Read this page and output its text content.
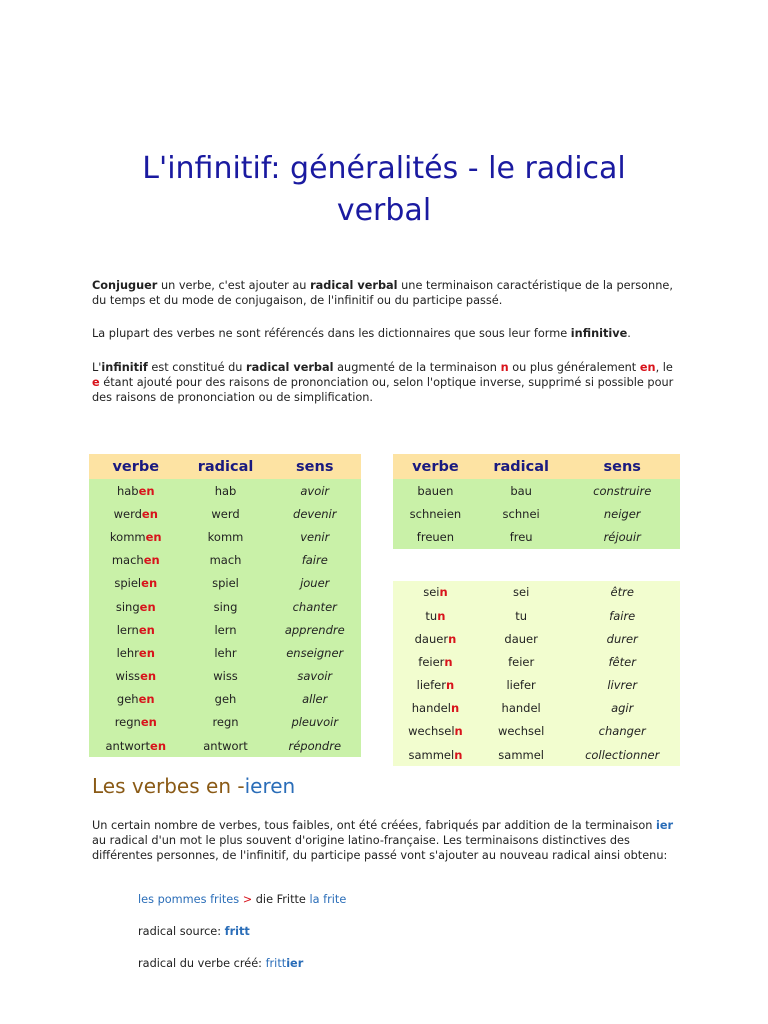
L'infinitif: généralités - le radical verbal

Conjuguer un verbe, c'est ajouter au radical verbal une terminaison caractéristique de la personne, du temps et du mode de conjugaison, de l'infinitif ou du participe passé.

La plupart des verbes ne sont référencés dans les dictionnaires que sous leur forme infinitive.

L'infinitif est constitué du radical verbal augmenté de la terminaison n ou plus généralement en, le e étant ajouté pour des raisons de prononciation ou, selon l'optique inverse, supprimé si possible pour des raisons de prononciation ou de simplification.

verbe	radical	sens
haben	hab	avoir
werden	werd	devenir
kommen	komm	venir
machen	mach	faire
spielen	spiel	jouer
singen	sing	chanter
lernen	lern	apprendre
lehren	lehr	enseigner
wissen	wiss	savoir
gehen	geh	aller
regnen	regn	pleuvoir
antworten	antwort	répondre
verbe	radical	sens
bauen	bau	construire
schneien	schnei	neiger
freuen	freu	réjouir

sein	sei	être
tun	tu	faire
dauern	dauer	durer
feiern	feier	fêter
liefern	liefer	livrer
handeln	handel	agir
wechseln	wechsel	changer
sammeln	sammel	collectionner
Les verbes en -ieren

Un certain nombre de verbes, tous faibles, ont été créées, fabriqués par addition de la terminaison ier au radical d'un mot le plus souvent d'origine latino-française. Les terminaisons distinctives des différentes personnes, de l'infinitif, du participe passé vont s'ajouter au nouveau radical ainsi obtenu:

les pommes frites > die Fritte la frite

radical source: fritt

radical du verbe créé: frittier
